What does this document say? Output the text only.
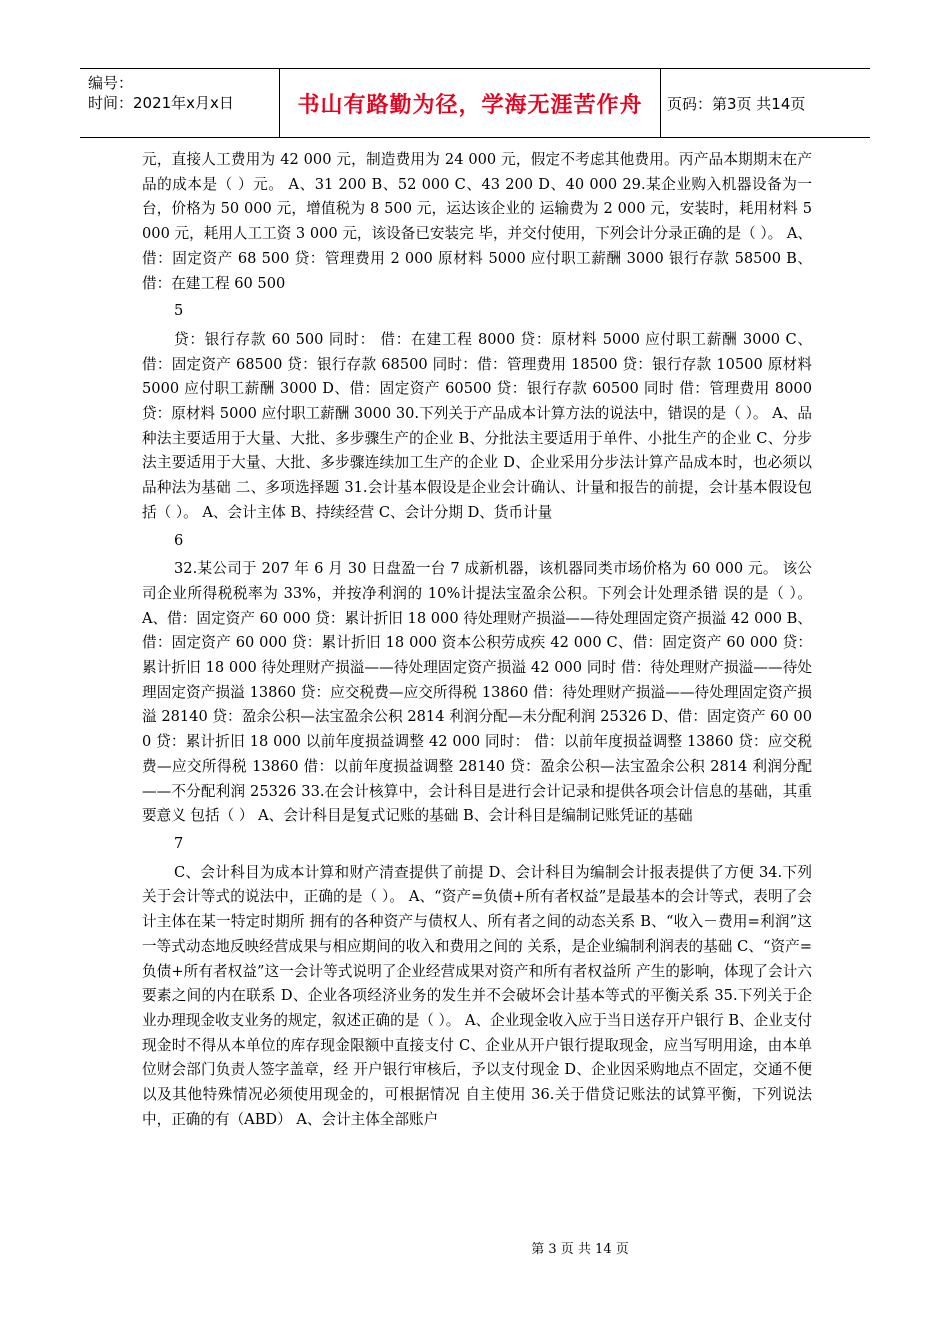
编号：
时间：2021年x月x日	书山有路勤为径，学海无涯苦作舟	页码：第3页 共14页

元，直接人工费用为 42 000 元，制造费用为 24 000 元，假定不考虑其他费用。丙产品本期期末在产品的成本是（ ）元。 A、31 200 B、52 000 C、43 200 D、40 000 29.某企业购入机器设备为一台，价格为 50 000 元，增值税为 8 500 元，运达该企业的 运输费为 2 000 元，安装时，耗用材料 5 000 元，耗用人工工资 3 000 元，该设备已安装完 毕，并交付使用，下列会计分录正确的是（ ）。 A、借：固定资产 68 500 贷：管理费用 2 000 原材料 5000 应付职工薪酬 3000 银行存款 58500 B、借：在建工程 60 500

5

贷：银行存款 60 500 同时： 借：在建工程 8000 贷：原材料 5000 应付职工薪酬 3000 C、借：固定资产 68500 贷：银行存款 68500 同时：借：管理费用 18500 贷：银行存款 10500 原材料 5000 应付职工薪酬 3000 D、借：固定资产 60500 贷：银行存款 60500 同时 借：管理费用 8000 贷：原材料 5000 应付职工薪酬 3000 30.下列关于产品成本计算方法的说法中，错误的是（ ）。 A、品种法主要适用于大量、大批、多步骤生产的企业 B、分批法主要适用于单件、小批生产的企业 C、分步法主要适用于大量、大批、多步骤连续加工生产的企业 D、企业采用分步法计算产品成本时，也必须以品种法为基础 二、多项选择题 31.会计基本假设是企业会计确认、计量和报告的前提，会计基本假设包括（ ）。 A、会计主体 B、持续经营 C、会计分期 D、货币计量

6

32.某公司于 207 年 6 月 30 日盘盈一台 7 成新机器，该机器同类市场价格为 60 000 元。 该公司企业所得税税率为 33%，并按净利润的 10%计提法宝盈余公积。下列会计处理杀错 误的是（ ）。 A、借：固定资产 60 000 贷：累计折旧 18 000 待处理财产损溢——待处理固定资产损溢 42 000 B、借：固定资产 60 000 贷：累计折旧 18 000 资本公积劳成疾 42 000 C、借：固定资产 60 000 贷：累计折旧 18 000 待处理财产损溢——待处理固定资产损溢 42 000 同时 借：待处理财产损溢——待处理固定资产损溢 13860 贷：应交税费—应交所得税 13860 借：待处理财产损溢——待处理固定资产损溢 28140 贷：盈余公积—法宝盈余公积 2814 利润分配—未分配利润 25326 D、借：固定资产 60 000 贷：累计折旧 18 000 以前年度损益调整 42 000 同时： 借：以前年度损益调整 13860 贷：应交税费—应交所得税 13860 借：以前年度损益调整 28140 贷：盈余公积—法宝盈余公积 2814 利润分配——不分配利润 25326 33.在会计核算中，会计科目是进行会计记录和提供各项会计信息的基础，其重要意义 包括（ ） A、会计科目是复式记账的基础 B、会计科目是编制记账凭证的基础

7

C、会计科目为成本计算和财产清查提供了前提 D、会计科目为编制会计报表提供了方便 34.下列关于会计等式的说法中，正确的是（ ）。 A、“资产=负债+所有者权益”是最基本的会计等式，表明了会计主体在某一特定时期所 拥有的各种资产与债权人、所有者之间的动态关系 B、“收入－费用=利润”这一等式动态地反映经营成果与相应期间的收入和费用之间的 关系，是企业编制利润表的基础 C、“资产=负债+所有者权益”这一会计等式说明了企业经营成果对资产和所有者权益所 产生的影响，体现了会计六要素之间的内在联系 D、企业各项经济业务的发生并不会破坏会计基本等式的平衡关系 35.下列关于企业办理现金收支业务的规定，叙述正确的是（ ）。 A、企业现金收入应于当日送存开户银行 B、企业支付现金时不得从本单位的库存现金限额中直接支付 C、企业从开户银行提取现金，应当写明用途，由本单位财会部门负责人签字盖章，经 开户银行审核后，予以支付现金 D、企业因采购地点不固定，交通不便以及其他特殊情况必须使用现金的，可根据情况 自主使用 36.关于借贷记账法的试算平衡，下列说法中，正确的有（ABD） A、会计主体全部账户

第 3 页 共 14 页
